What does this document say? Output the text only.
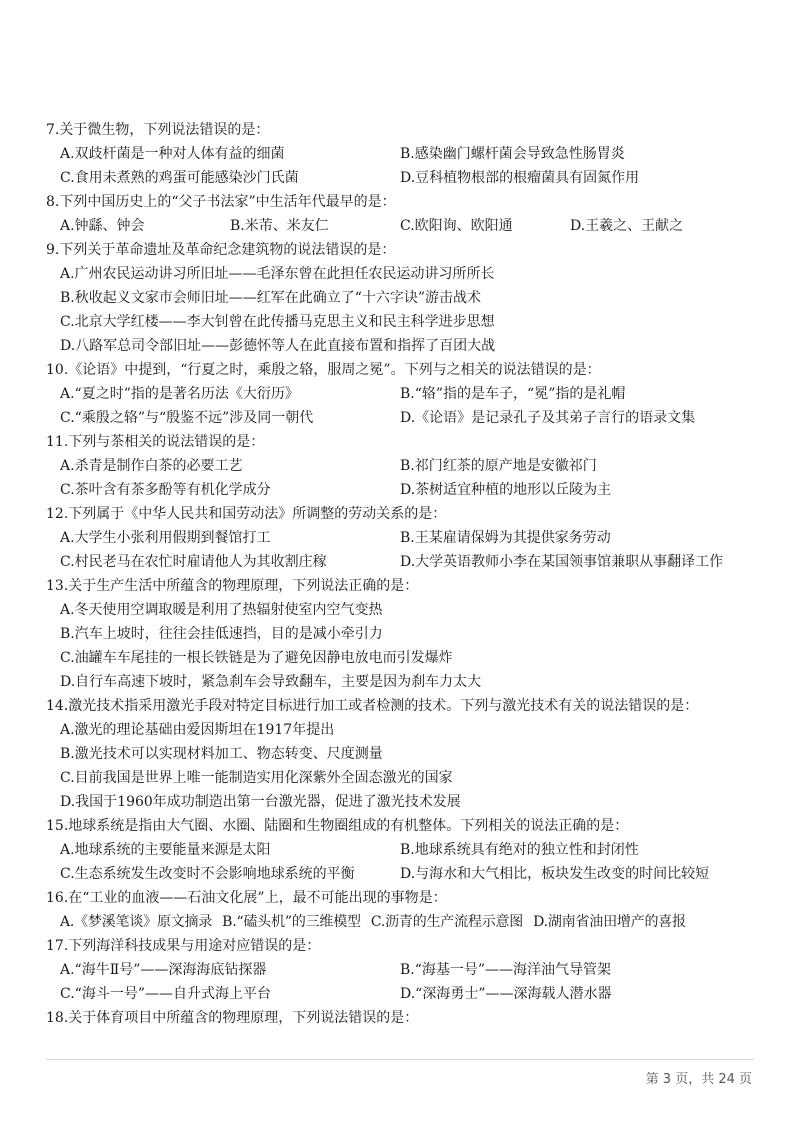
7.关于微生物，下列说法错误的是：
A.双歧杆菌是一种对人体有益的细菌	B.感染幽门螺杆菌会导致急性肠胃炎
C.食用未煮熟的鸡蛋可能感染沙门氏菌	D.豆科植物根部的根瘤菌具有固氮作用
8.下列中国历史上的“父子书法家”中生活年代最早的是：
A.钟繇、钟会	B.米芾、米友仁	C.欧阳询、欧阳通	D.王羲之、王献之
9.下列关于革命遗址及革命纪念建筑物的说法错误的是：
A.广州农民运动讲习所旧址——毛泽东曾在此担任农民运动讲习所所长
B.秋收起义文家市会师旧址——红军在此确立了“十六字诀”游击战术
C.北京大学红楼——李大钊曾在此传播马克思主义和民主科学进步思想
D.八路军总司令部旧址——彭德怀等人在此直接布置和指挥了百团大战
10.《论语》中提到，“行夏之时，乘殷之辂，服周之冕”。下列与之相关的说法错误的是：
A.“夏之时”指的是著名历法《大衍历》	B.“辂”指的是车子，“冕”指的是礼帽
C.“乘殷之辂”与“殷鉴不远”涉及同一朝代	D.《论语》是记录孔子及其弟子言行的语录文集
11.下列与茶相关的说法错误的是：
A.杀青是制作白茶的必要工艺	B.祁门红茶的原产地是安徽祁门
C.茶叶含有茶多酚等有机化学成分	D.茶树适宜种植的地形以丘陵为主
12.下列属于《中华人民共和国劳动法》所调整的劳动关系的是：
A.大学生小张利用假期到餐馆打工	B.王某雇请保姆为其提供家务劳动
C.村民老马在农忙时雇请他人为其收割庄稼	D.大学英语教师小李在某国领事馆兼职从事翻译工作
13.关于生产生活中所蕴含的物理原理，下列说法正确的是：
A.冬天使用空调取暖是利用了热辐射使室内空气变热
B.汽车上坡时，往往会挂低速挡，目的是减小牵引力
C.油罐车车尾挂的一根长铁链是为了避免因静电放电而引发爆炸
D.自行车高速下坡时，紧急刹车会导致翻车，主要是因为刹车力太大
14.激光技术指采用激光手段对特定目标进行加工或者检测的技术。下列与激光技术有关的说法错误的是：
A.激光的理论基础由爱因斯坦在1917年提出
B.激光技术可以实现材料加工、物态转变、尺度测量
C.目前我国是世界上唯一能制造实用化深紫外全固态激光的国家
D.我国于1960年成功制造出第一台激光器，促进了激光技术发展
15.地球系统是指由大气圈、水圈、陆圈和生物圈组成的有机整体。下列相关的说法正确的是：
A.地球系统的主要能量来源是太阳	B.地球系统具有绝对的独立性和封闭性
C.生态系统发生改变时不会影响地球系统的平衡	D.与海水和大气相比，板块发生改变的时间比较短
16.在“工业的血液——石油文化展”上，最不可能出现的事物是：
A.《梦溪笔谈》原文摘录 B.“磕头机”的三维模型 C.沥青的生产流程示意图 D.湖南省油田增产的喜报
17.下列海洋科技成果与用途对应错误的是：
A.“海牛Ⅱ号”——深海海底钻探器	B.“海基一号”——海洋油气导管架
C.“海斗一号”——自升式海上平台	D.“深海勇士”——深海载人潜水器
18.关于体育项目中所蕴含的物理原理，下列说法错误的是：
第 3 页，共 24 页
